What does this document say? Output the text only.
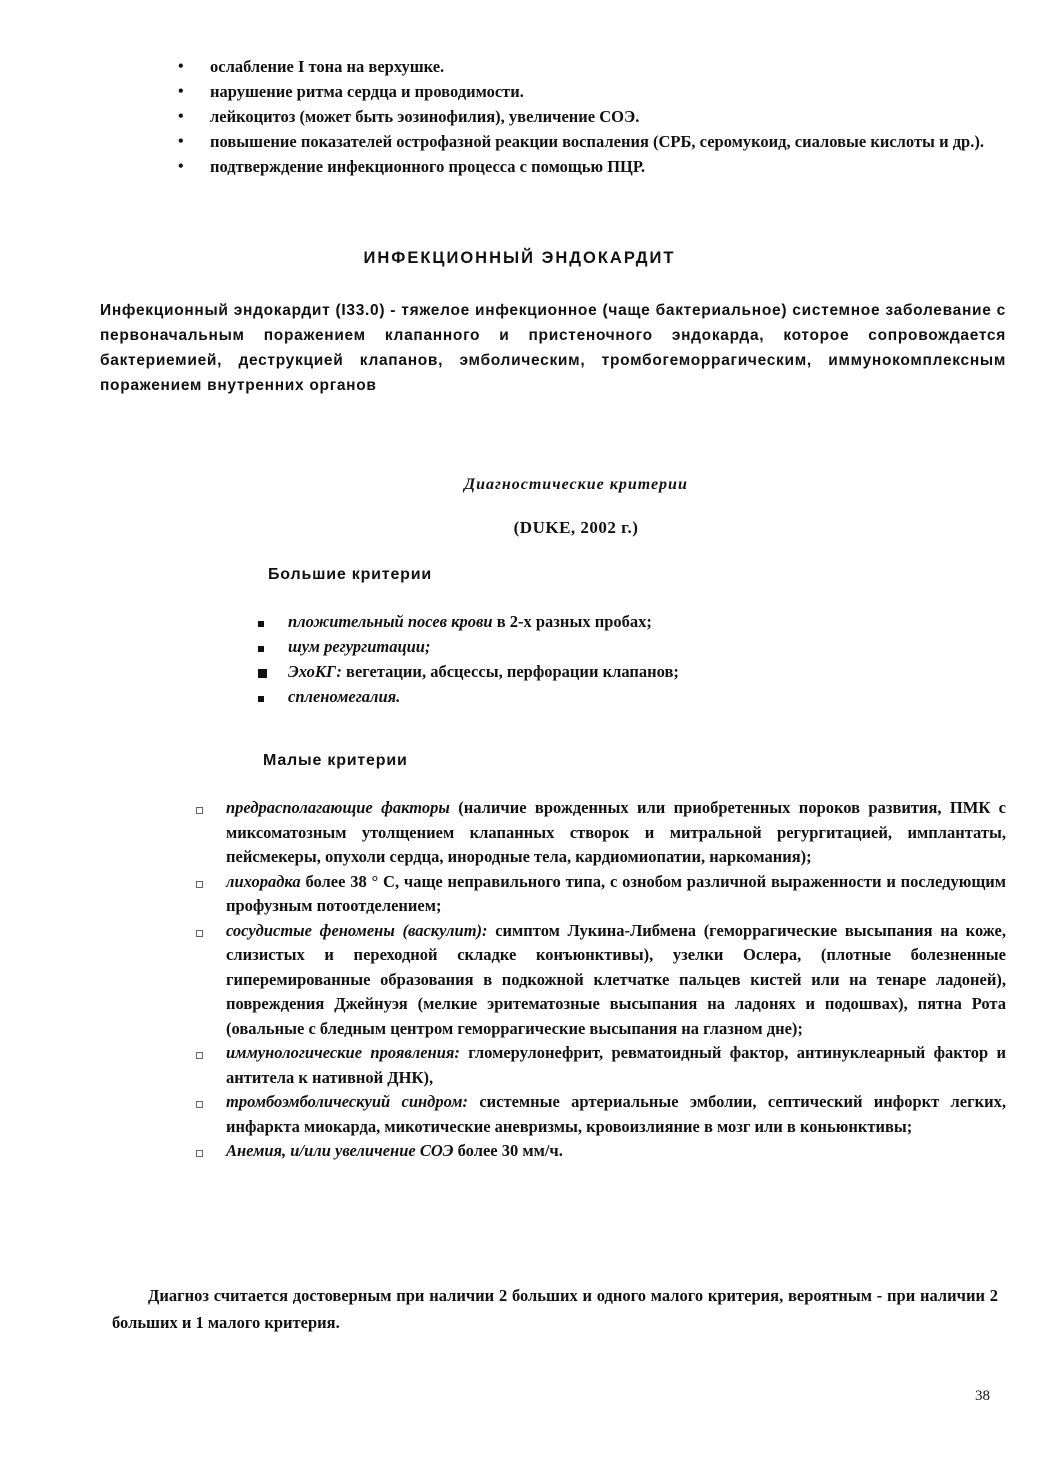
• ослабление I тона на верхушке.
• нарушение ритма сердца и проводимости.
• лейкоцитоз (может быть эозинофилия), увеличение СОЭ.
• повышение показателей острофазной реакции воспаления (СРБ, серомукоид, сиаловые кислоты и др.).
• подтверждение инфекционного процесса с помощью ПЦР.
ИНФЕКЦИОННЫЙ ЭНДОКАРДИТ

Инфекционный эндокардит (I33.0) - тяжелое инфекционное (чаще бактериальное) системное заболевание с первоначальным поражением клапанного и пристеночного эндокарда, которое сопровождается бактериемией, деструкцией клапанов, эмболическим, тромбогеморрагическим, иммунокомплексным поражением внутренних органов

Диагностические критерии
(DUKE, 2002 г.)
Большие критерии
пложительный посев крови в 2-х разных пробах;
шум регургитации;
ЭхоКГ: вегетации, абсцессы, перфорации клапанов;
спленомегалия.
Малые критерии
предрасполагающие факторы (наличие врожденных или приобретенных пороков развития, ПМК с миксоматозным утолщением клапанных створок и митральной регургитацией, имплантаты, пейсмекеры, опухоли сердца, инородные тела, кардиомиопатии, наркомания);
лихорадка более 38 ° С, чаще неправильного типа, с ознобом различной выраженности и последующим профузным потоотделением;
сосудистые феномены (васкулит): симптом Лукина-Либмена (геморрагические высыпания на коже, слизистых и переходной складке конъюнктивы), узелки Ослера, (плотные болезненные гиперемированные образования в подкожной клетчатке пальцев кистей или на тенаре ладоней), повреждения Джейнуэя (мелкие эритематозные высыпания на ладонях и подошвах), пятна Рота (овальные с бледным центром геморрагические высыпания на глазном дне);
иммунологические проявления: гломерулонефрит, ревматоидный фактор, антинуклеарный фактор и антитела к нативной ДНК),
тромбоэмболическуий синдром: системные артериальные эмболии, септический инфоркт легких, инфаркта миокарда, микотические аневризмы, кровоизлияние в мозг или в коньюнктивы;
Анемия, и/или увеличение СОЭ более 30 мм/ч.

Диагноз считается достоверным при наличии 2 больших и одного малого критерия, вероятным - при наличии 2 больших и 1 малого критерия.

38
